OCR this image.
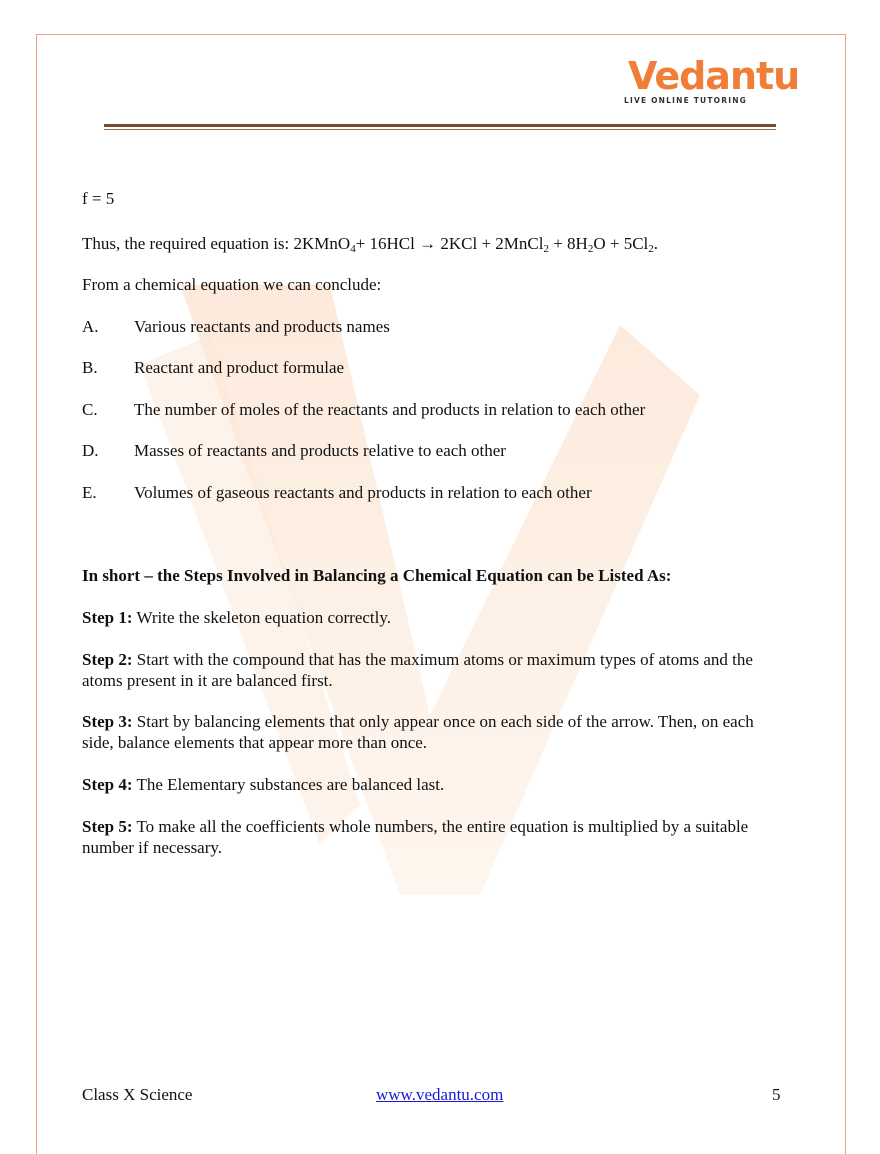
Vedantu
LIVE ONLINE TUTORING
f = 5
Thus, the required equation is: 2KMnO$_4$+ 16HCl → 2KCl + 2MnCl$_2$ + $8H_2O + 5Cl_2$.
From a chemical equation we can conclude:
A. Various reactants and products names
B. Reactant and product formulae
C. The number of moles of the reactants and products in relation to each other
D. Masses of reactants and products relative to each other
E. Volumes of gaseous reactants and products in relation to each other
In short – the Steps Involved in Balancing a Chemical Equation can be Listed As:
Step 1: Write the skeleton equation correctly.
Step 2: Start with the compound that has the maximum atoms or maximum types of atoms and the atoms present in it are balanced first.
Step 3: Start by balancing elements that only appear once on each side of the arrow. Then, on each side, balance elements that appear more than once.
Step 4: The Elementary substances are balanced last.
Step 5: To make all the coefficients whole numbers, the entire equation is multiplied by a suitable number if necessary.
Class X Science	www.vedantu.com	5
